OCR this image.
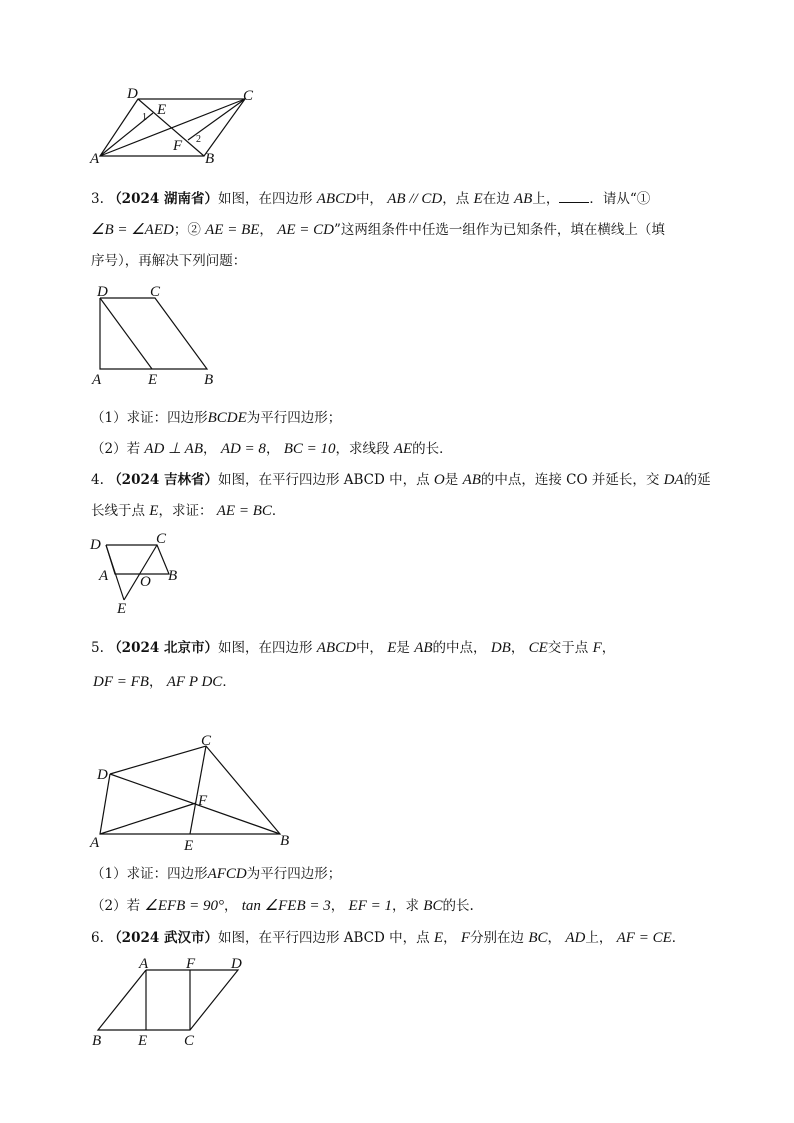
D
E
C
1
2
F
A	B
3. （2024 湖南省）如图，在四边形 ABCD中， AB // CD，点 E在边 AB上， ．请从“①
∠B = ∠AED；② AE = BE， AE = CD”这两组条件中任选一组作为已知条件，填在横线上（填
序号），再解决下列问题：
D	C
A	E	B
（1）求证：四边形BCDE为平行四边形；
（2）若 AD ⊥ AB， AD = 8， BC = 10，求线段 AE的长．
4. （2024 吉林省）如图，在平行四边形 ABCD 中，点 O是 AB的中点，连接 CO 并延长，交 DA的延
长线于点 E，求证： AE = BC．
D	C
A O B
E
5. （2024 北京市）如图，在四边形 ABCD中， E是 AB的中点， DB， CE交于点 F，
DF = FB， AF P DC．
C
D
F
A	E	B
（1）求证：四边形AFCD为平行四边形；
（2）若 ∠EFB = 90°， tan ∠FEB = 3， EF = 1，求 BC的长.
6. （2024 武汉市）如图，在平行四边形 ABCD 中，点 E， F分别在边 BC， AD上， AF = CE．
A	F D
B E C
